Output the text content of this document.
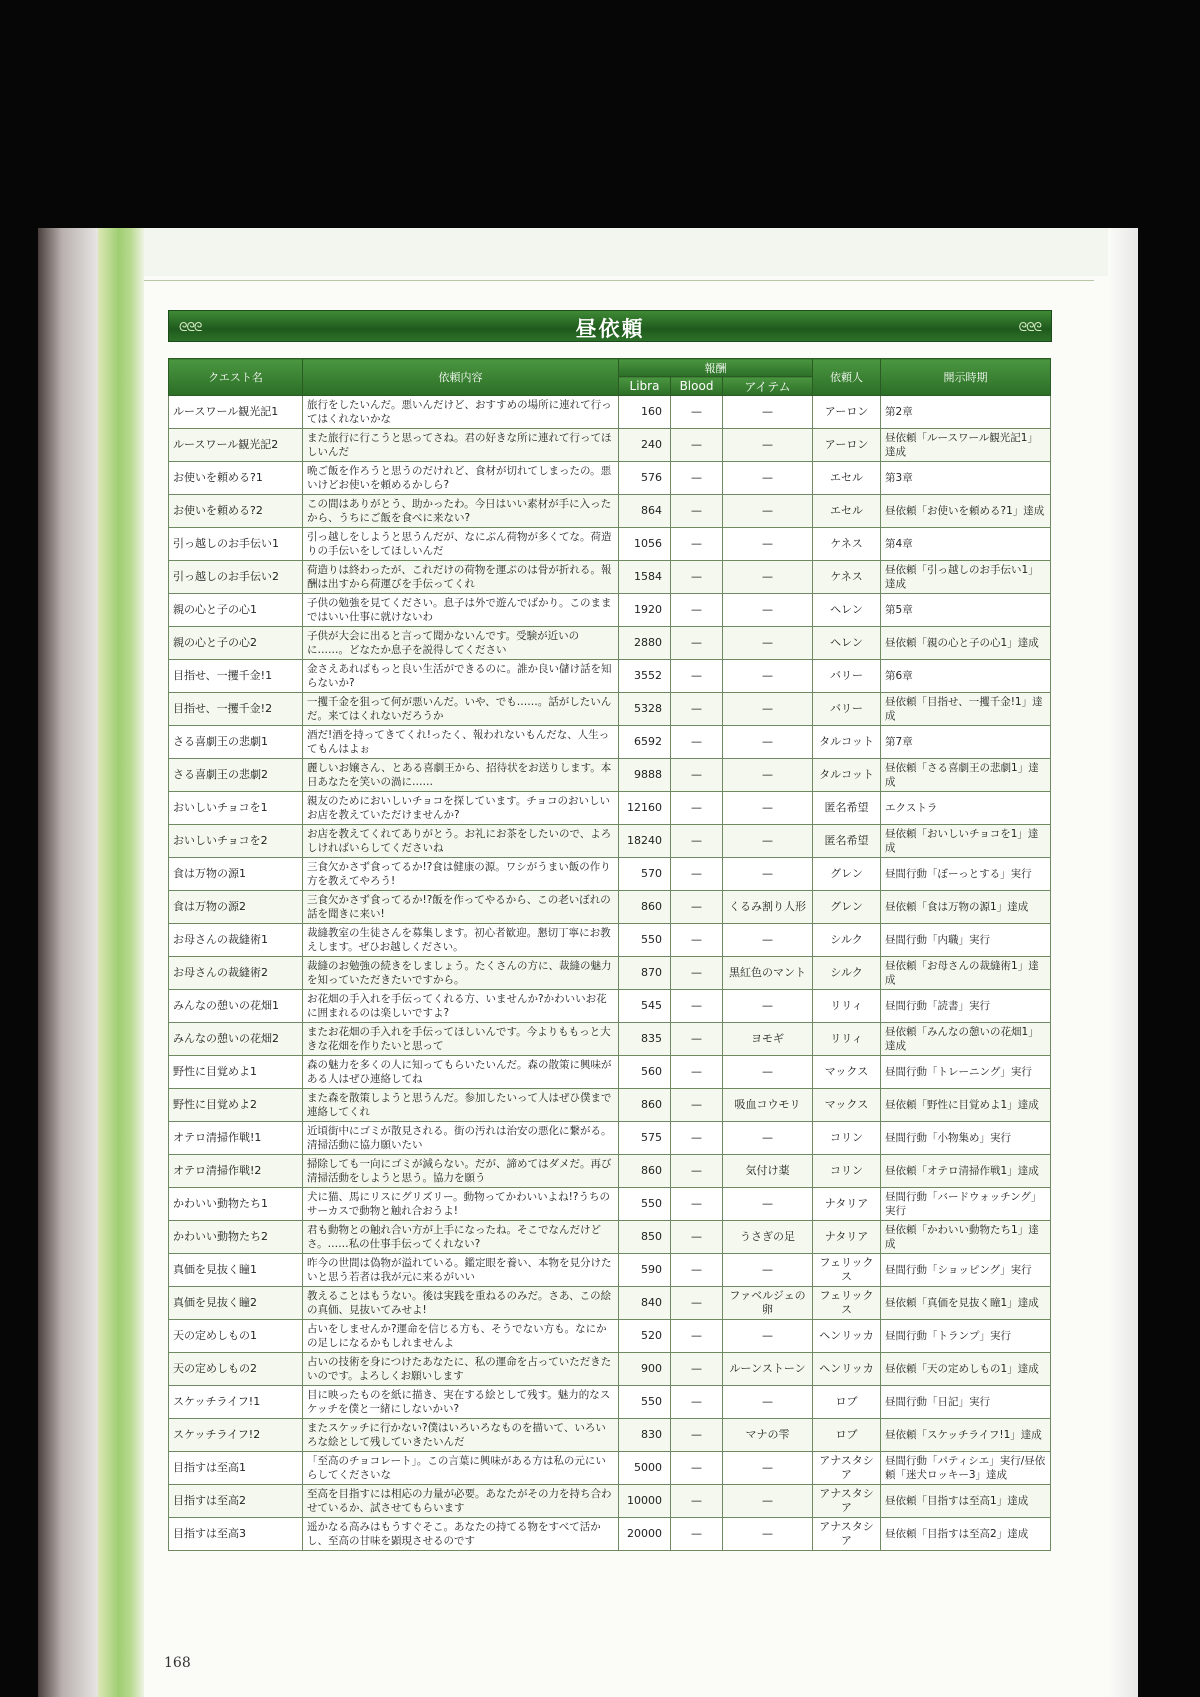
ᘓᘓᘓ	昼依頼	ᘓᘓᘓ
クエスト名	依頼内容	報酬			依頼人	開示時期
		Libra	Blood	アイテム		
ルースワール観光記1	旅行をしたいんだ。悪いんだけど、おすすめの場所に連れて行ってはくれないかな	160	—	—	アーロン	第2章
ルースワール観光記2	また旅行に行こうと思ってさね。君の好きな所に連れて行ってほしいんだ	240	—	—	アーロン	昼依頼「ルースワール観光記1」達成
お使いを頼める?1	晩ご飯を作ろうと思うのだけれど、食材が切れてしまったの。悪いけどお使いを頼めるかしら?	576	—	—	エセル	第3章
お使いを頼める?2	この間はありがとう、助かったわ。今日はいい素材が手に入ったから、うちにご飯を食べに来ない?	864	—	—	エセル	昼依頼「お使いを頼める?1」達成
引っ越しのお手伝い1	引っ越しをしようと思うんだが、なにぶん荷物が多くてな。荷造りの手伝いをしてほしいんだ	1056	—	—	ケネス	第4章
引っ越しのお手伝い2	荷造りは終わったが、これだけの荷物を運ぶのは骨が折れる。報酬は出すから荷運びを手伝ってくれ	1584	—	—	ケネス	昼依頼「引っ越しのお手伝い1」達成
親の心と子の心1	子供の勉強を見てください。息子は外で遊んでばかり。このままではいい仕事に就けないわ	1920	—	—	ヘレン	第5章
親の心と子の心2	子供が大会に出ると言って聞かないんです。受験が近いのに……。どなたか息子を説得してください	2880	—	—	ヘレン	昼依頼「親の心と子の心1」達成
目指せ、一攫千金!1	金さえあればもっと良い生活ができるのに。誰か良い儲け話を知らないか?	3552	—	—	バリー	第6章
目指せ、一攫千金!2	一攫千金を狙って何が悪いんだ。いや、でも……。話がしたいんだ。来てはくれないだろうか	5328	—	—	バリー	昼依頼「目指せ、一攫千金!1」達成
さる喜劇王の悲劇1	酒だ!酒を持ってきてくれ!ったく、報われないもんだな、人生ってもんはよぉ	6592	—	—	タルコット	第7章
さる喜劇王の悲劇2	麗しいお嬢さん、とある喜劇王から、招待状をお送りします。本日あなたを笑いの渦に……	9888	—	—	タルコット	昼依頼「さる喜劇王の悲劇1」達成
おいしいチョコを1	親友のためにおいしいチョコを探しています。チョコのおいしいお店を教えていただけませんか?	12160	—	—	匿名希望	エクストラ
おいしいチョコを2	お店を教えてくれてありがとう。お礼にお茶をしたいので、よろしければいらしてくださいね	18240	—	—	匿名希望	昼依頼「おいしいチョコを1」達成
食は万物の源1	三食欠かさず食ってるか!?食は健康の源。ワシがうまい飯の作り方を教えてやろう!	570	—	—	グレン	昼間行動「ぼーっとする」実行
食は万物の源2	三食欠かさず食ってるか!?飯を作ってやるから、この老いぼれの話を聞きに来い!	860	—	くるみ割り人形	グレン	昼依頼「食は万物の源1」達成
お母さんの裁縫術1	裁縫教室の生徒さんを募集します。初心者歓迎。懇切丁寧にお教えします。ぜひお越しください。	550	—	—	シルク	昼間行動「内職」実行
お母さんの裁縫術2	裁縫のお勉強の続きをしましょう。たくさんの方に、裁縫の魅力を知っていただきたいですから。	870	—	黒紅色のマント	シルク	昼依頼「お母さんの裁縫術1」達成
みんなの憩いの花畑1	お花畑の手入れを手伝ってくれる方、いませんか?かわいいお花に囲まれるのは楽しいですよ?	545	—	—	リリィ	昼間行動「読書」実行
みんなの憩いの花畑2	またお花畑の手入れを手伝ってほしいんです。今よりももっと大きな花畑を作りたいと思って	835	—	ヨモギ	リリィ	昼依頼「みんなの憩いの花畑1」達成
野性に目覚めよ1	森の魅力を多くの人に知ってもらいたいんだ。森の散策に興味がある人はぜひ連絡してね	560	—	—	マックス	昼間行動「トレーニング」実行
野性に目覚めよ2	また森を散策しようと思うんだ。参加したいって人はぜひ僕まで連絡してくれ	860	—	吸血コウモリ	マックス	昼依頼「野性に目覚めよ1」達成
オテロ清掃作戦!1	近頃街中にゴミが散見される。街の汚れは治安の悪化に繋がる。清掃活動に協力願いたい	575	—	—	コリン	昼間行動「小物集め」実行
オテロ清掃作戦!2	掃除しても一向にゴミが減らない。だが、諦めてはダメだ。再び清掃活動をしようと思う。協力を願う	860	—	気付け薬	コリン	昼依頼「オテロ清掃作戦1」達成
かわいい動物たち1	犬に猫、馬にリスにグリズリー。動物ってかわいいよね!?うちのサーカスで動物と触れ合おうよ!	550	—	—	ナタリア	昼間行動「バードウォッチング」実行
かわいい動物たち2	君も動物との触れ合い方が上手になったね。そこでなんだけどさ。……私の仕事手伝ってくれない?	850	—	うさぎの足	ナタリア	昼依頼「かわいい動物たち1」達成
真価を見抜く瞳1	昨今の世間は偽物が溢れている。鑑定眼を養い、本物を見分けたいと思う若者は我が元に来るがいい	590	—	—	フェリックス	昼間行動「ショッピング」実行
真価を見抜く瞳2	教えることはもうない。後は実践を重ねるのみだ。さあ、この絵の真価、見抜いてみせよ!	840	—	ファベルジェの卵	フェリックス	昼依頼「真価を見抜く瞳1」達成
天の定めしもの1	占いをしませんか?運命を信じる方も、そうでない方も。なにかの足しになるかもしれませんよ	520	—	—	ヘンリッカ	昼間行動「トランプ」実行
天の定めしもの2	占いの技術を身につけたあなたに、私の運命を占っていただきたいのです。よろしくお願いします	900	—	ルーンストーン	ヘンリッカ	昼依頼「天の定めしもの1」達成
スケッチライフ!1	目に映ったものを紙に描き、実在する絵として残す。魅力的なスケッチを僕と一緒にしないかい?	550	—	—	ロブ	昼間行動「日記」実行
スケッチライフ!2	またスケッチに行かない?僕はいろいろなものを描いて、いろいろな絵として残していきたいんだ	830	—	マナの雫	ロブ	昼依頼「スケッチライフ!1」達成
目指すは至高1	「至高のチョコレート」。この言葉に興味がある方は私の元にいらしてくださいな	5000	—	—	アナスタシア	昼間行動「パティシエ」実行/昼依頼「迷犬ロッキー3」達成
目指すは至高2	至高を目指すには相応の力量が必要。あなたがその力を持ち合わせているか、試させてもらいます	10000	—	—	アナスタシア	昼依頼「目指すは至高1」達成
目指すは至高3	遥かなる高みはもうすぐそこ。あなたの持てる物をすべて活かし、至高の甘味を顕現させるのです	20000	—	—	アナスタシア	昼依頼「目指すは至高2」達成
168
